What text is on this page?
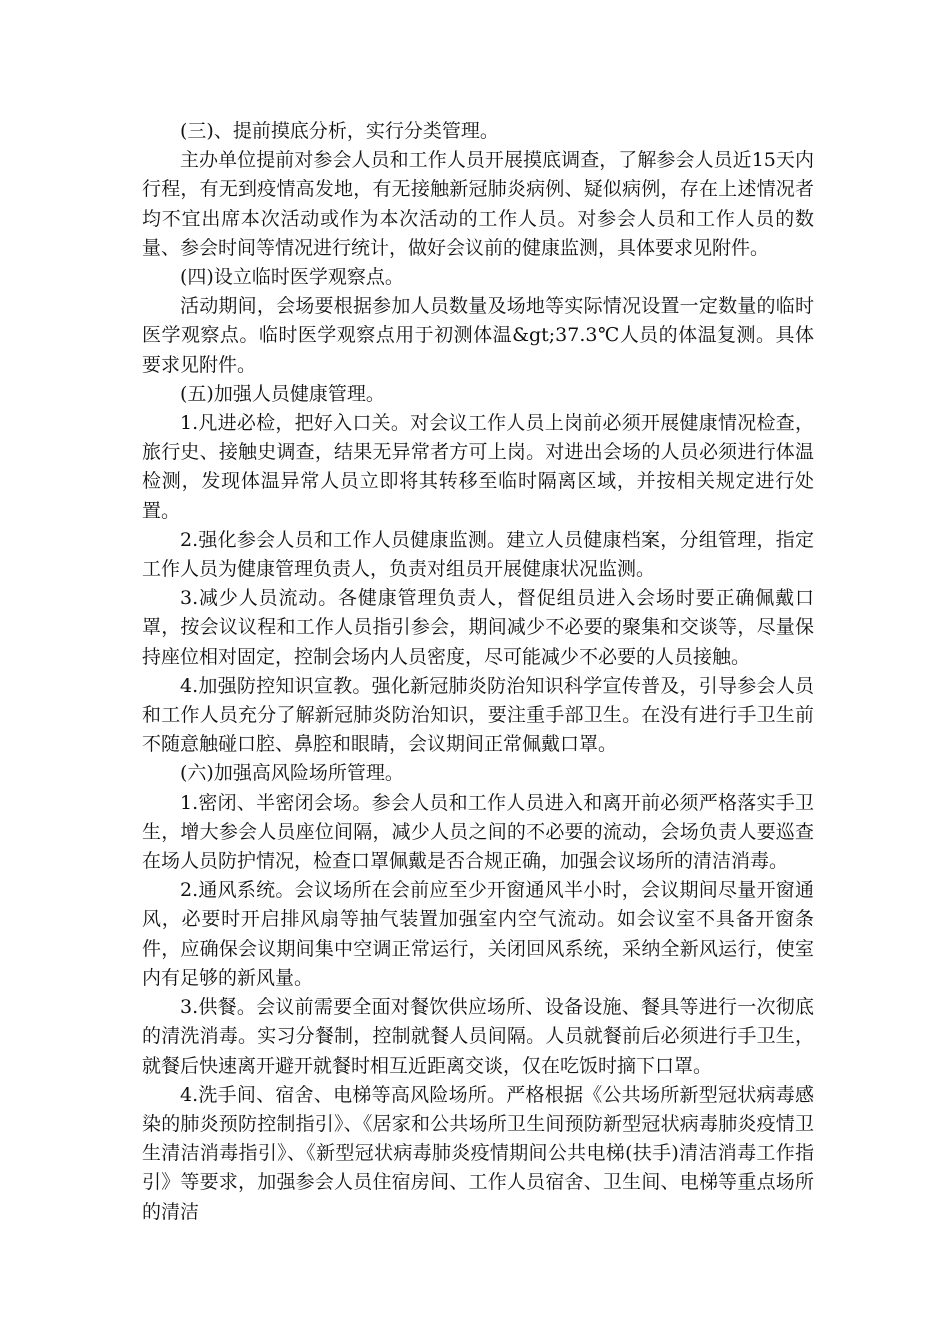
(三)、提前摸底分析，实行分类管理。

主办单位提前对参会人员和工作人员开展摸底调查，了解参会人员近15天内行程，有无到疫情高发地，有无接触新冠肺炎病例、疑似病例，存在上述情况者均不宜出席本次活动或作为本次活动的工作人员。对参会人员和工作人员的数量、参会时间等情况进行统计，做好会议前的健康监测，具体要求见附件。

(四)设立临时医学观察点。

活动期间，会场要根据参加人员数量及场地等实际情况设置一定数量的临时医学观察点。临时医学观察点用于初测体温&gt;37.3℃人员的体温复测。具体要求见附件。

(五)加强人员健康管理。

1.凡进必检，把好入口关。对会议工作人员上岗前必须开展健康情况检查，旅行史、接触史调查，结果无异常者方可上岗。对进出会场的人员必须进行体温检测，发现体温异常人员立即将其转移至临时隔离区域，并按相关规定进行处置。

2.强化参会人员和工作人员健康监测。建立人员健康档案，分组管理，指定工作人员为健康管理负责人，负责对组员开展健康状况监测。

3.减少人员流动。各健康管理负责人，督促组员进入会场时要正确佩戴口罩，按会议议程和工作人员指引参会，期间减少不必要的聚集和交谈等，尽量保持座位相对固定，控制会场内人员密度，尽可能减少不必要的人员接触。

4.加强防控知识宣教。强化新冠肺炎防治知识科学宣传普及，引导参会人员和工作人员充分了解新冠肺炎防治知识，要注重手部卫生。在没有进行手卫生前不随意触碰口腔、鼻腔和眼睛，会议期间正常佩戴口罩。

(六)加强高风险场所管理。

1.密闭、半密闭会场。参会人员和工作人员进入和离开前必须严格落实手卫生，增大参会人员座位间隔，减少人员之间的不必要的流动，会场负责人要巡查在场人员防护情况，检查口罩佩戴是否合规正确，加强会议场所的清洁消毒。

2.通风系统。会议场所在会前应至少开窗通风半小时，会议期间尽量开窗通风，必要时开启排风扇等抽气装置加强室内空气流动。如会议室不具备开窗条件，应确保会议期间集中空调正常运行，关闭回风系统，采纳全新风运行，使室内有足够的新风量。

3.供餐。会议前需要全面对餐饮供应场所、设备设施、餐具等进行一次彻底的清洗消毒。实习分餐制，控制就餐人员间隔。人员就餐前后必须进行手卫生，就餐后快速离开避开就餐时相互近距离交谈，仅在吃饭时摘下口罩。

4.洗手间、宿舍、电梯等高风险场所。严格根据《公共场所新型冠状病毒感染的肺炎预防控制指引》、《居家和公共场所卫生间预防新型冠状病毒肺炎疫情卫生清洁消毒指引》、《新型冠状病毒肺炎疫情期间公共电梯(扶手)清洁消毒工作指引》等要求，加强参会人员住宿房间、工作人员宿舍、卫生间、电梯等重点场所的清洁
